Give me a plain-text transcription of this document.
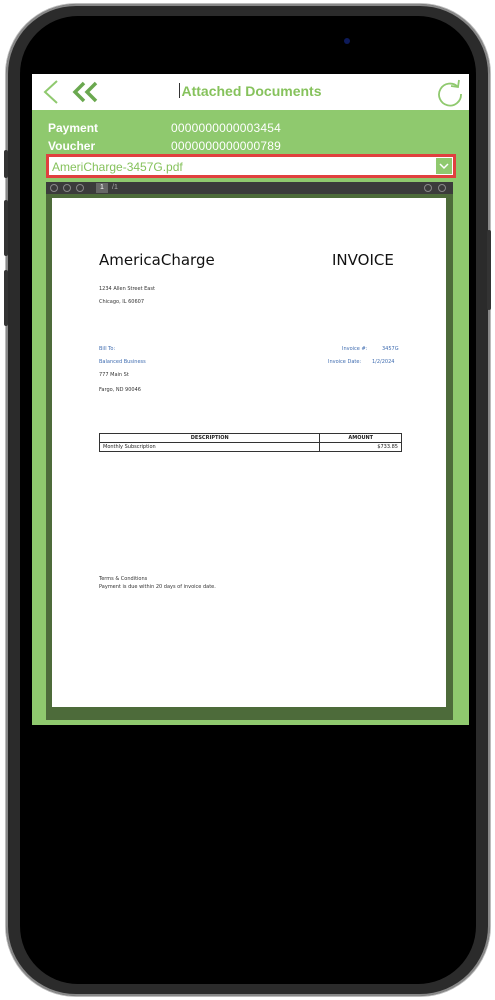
Attached Documents
Payment	0000000000003454
Voucher	0000000000000789
AmeriCharge-3457G.pdf
1	/1
AmericaCharge	INVOICE
1234 Allen Street East
Chicago, IL 60607
Bill To:
Balanced Business
777 Main St
Fargo, ND 90046
Invoice #:	3457G
Invoice Date: 1/2/2024
DESCRIPTION	AMOUNT
Monthly Subscription	$733.85
Terms & Conditions
Payment is due within 20 days of invoice date.
